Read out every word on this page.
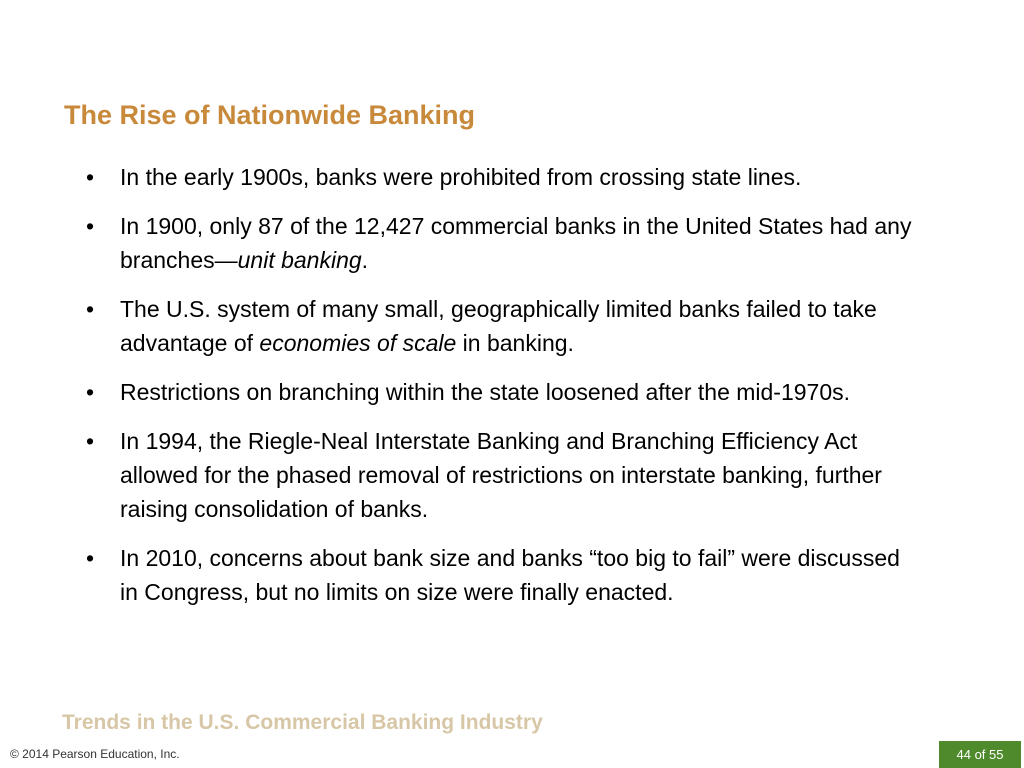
The Rise of Nationwide Banking
• In the early 1900s, banks were prohibited from crossing state lines.
• In 1900, only 87 of the 12,427 commercial banks in the United States had any branches—unit banking.
• The U.S. system of many small, geographically limited banks failed to take advantage of economies of scale in banking.
• Restrictions on branching within the state loosened after the mid-1970s.
• In 1994, the Riegle-Neal Interstate Banking and Branching Efficiency Act allowed for the phased removal of restrictions on interstate banking, further raising consolidation of banks.
• In 2010, concerns about bank size and banks “too big to fail” were discussed in Congress, but no limits on size were finally enacted.
Trends in the U.S. Commercial Banking Industry
© 2014 Pearson Education, Inc.	44 of 55
